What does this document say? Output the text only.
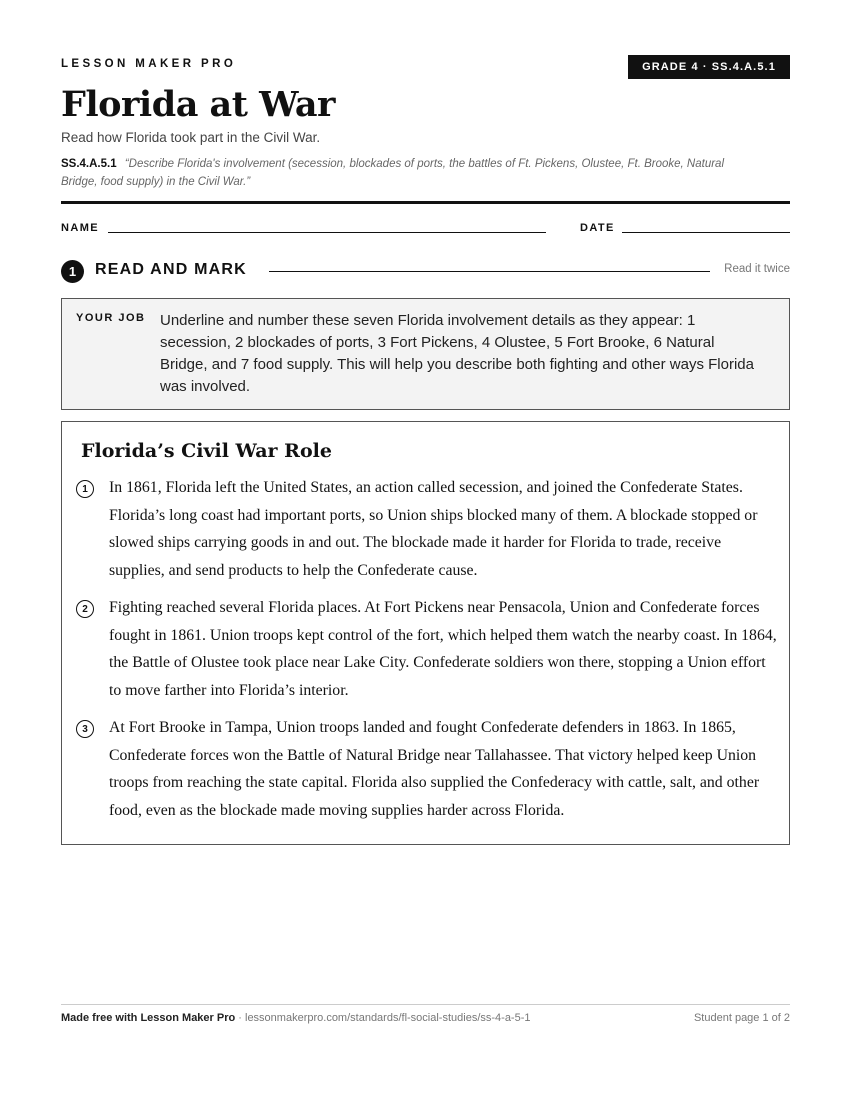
LESSON MAKER PRO	GRADE 4 · SS.4.A.5.1
Florida at War
Read how Florida took part in the Civil War.
SS.4.A.5.1 “Describe Florida's involvement (secession, blockades of ports, the battles of Ft. Pickens, Olustee, Ft. Brooke, Natural Bridge, food supply) in the Civil War.”
NAME	DATE
1	READ AND MARK	Read it twice
YOUR JOB Underline and number these seven Florida involvement details as they appear: 1 secession, 2 blockades of ports, 3 Fort Pickens, 4 Olustee, 5 Fort Brooke, 6 Natural Bridge, and 7 food supply. This will help you describe both fighting and other ways Florida was involved.
Florida’s Civil War Role
1	In 1861, Florida left the United States, an action called secession, and joined the Confederate States. Florida’s long coast had important ports, so Union ships blocked many of them. A blockade stopped or slowed ships carrying goods in and out. The blockade made it harder for Florida to trade, receive supplies, and send products to help the Confederate cause.
2	Fighting reached several Florida places. At Fort Pickens near Pensacola, Union and Confederate forces fought in 1861. Union troops kept control of the fort, which helped them watch the nearby coast. In 1864, the Battle of Olustee took place near Lake City. Confederate soldiers won there, stopping a Union effort to move farther into Florida’s interior.
3	At Fort Brooke in Tampa, Union troops landed and fought Confederate defenders in 1863. In 1865, Confederate forces won the Battle of Natural Bridge near Tallahassee. That victory helped keep Union troops from reaching the state capital. Florida also supplied the Confederacy with cattle, salt, and other food, even as the blockade made moving supplies harder across Florida.
Made free with Lesson Maker Pro · lessonmakerpro.com/standards/fl-social-studies/ss-4-a-5-1	Student page 1 of 2
